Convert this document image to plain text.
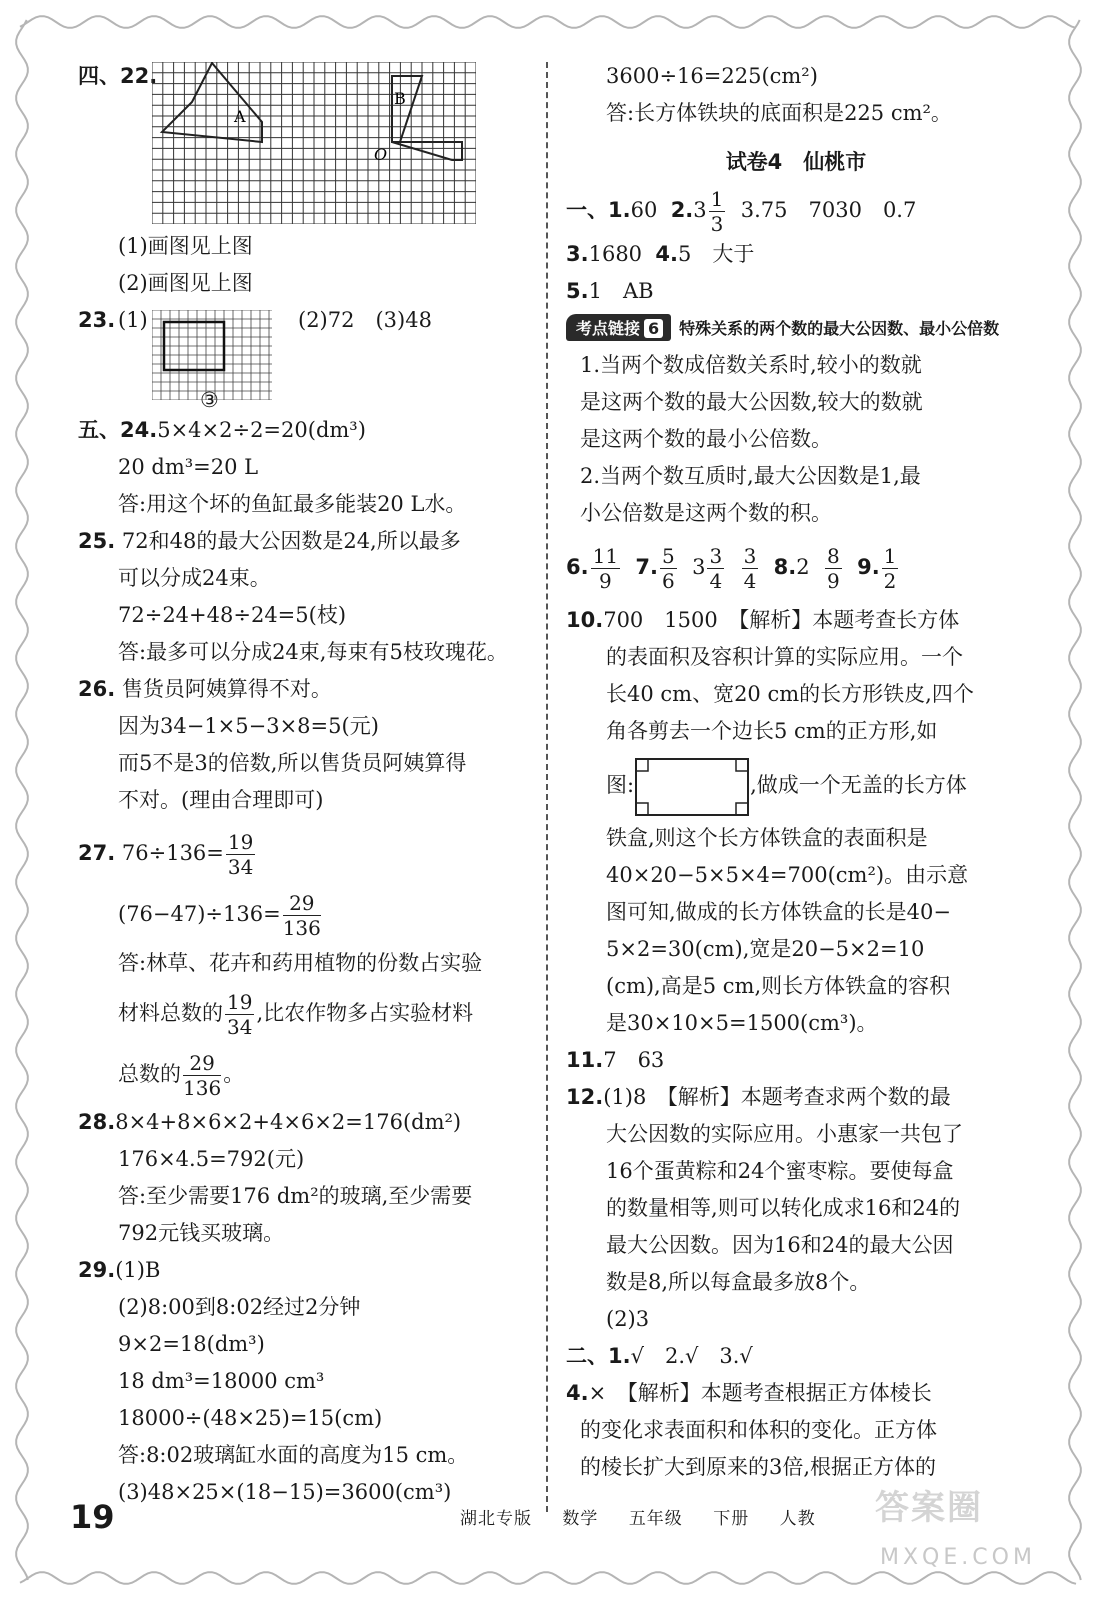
四、22.
A
B
O
(1)画图见上图
(2)画图见上图
23. (1)	(2)72　(3)48
③
五、24.5×4×2÷2=20(dm³)
20 dm³=20 L
答:用这个坏的鱼缸最多能装20 L水。
25. 72和48的最大公因数是24,所以最多
可以分成24束。
72÷24+48÷24=5(枝)
答:最多可以分成24束,每束有5枝玫瑰花。
26. 售货员阿姨算得不对。
因为34−1×5−3×8=5(元)
而5不是3的倍数,所以售货员阿姨算得
不对。(理由合理即可)
27. $76\div 136= \frac{19}{34}$
$(76-47)\div 136= \frac{29}{136}$
答:林草、花卉和药用植物的份数占实验
材料总数的 $\frac{19}{34}$ ,比农作物多占实验材料
总数的 $\frac{29}{136}$ 。
28.8×4+8×6×2+4×6×2=176(dm²)
176×4.5=792(元)
答:至少需要176 dm²的玻璃,至少需要
792元钱买玻璃。
29.(1)B
(2)8:00到8:02经过2分钟
9×2=18(dm³)
18 dm³=18000 cm³
18000÷(48×25)=15(cm)
答:8:02玻璃缸水面的高度为15 cm。
(3)48×25×(18−15)=3600(cm³)
3600÷16=225(cm²)
答:长方体铁块的底面积是225 cm²。
试卷4　仙桃市
一、1.60 $2.3 \frac{1}{3} 3.75$　7030　0.7
3.1680 4.5　大于
5.1　AB
考点链接 6	特殊关系的两个数的最大公因数、最小公倍数
1.当两个数成倍数关系时,较小的数就
是这两个数的最大公因数,较大的数就
是这两个数的最小公倍数。
2.当两个数互质时,最大公因数是1,最
小公倍数是这两个数的积。
6. $\frac{11}{9} 7$. $\frac{5}{6} 3 \frac{3}{4}$
$\frac{3}{4} 8.2 \frac{8}{9} 9$. $\frac{1}{2}$
10.700　1500　【解析】本题考查长方体
的表面积及容积计算的实际应用。一个
长40 cm、宽20 cm的长方形铁皮,四个
角各剪去一个边长5 cm的正方形,如
图:	,做成一个无盖的长方体
铁盒,则这个长方体铁盒的表面积是
40×20−5×5×4=700(cm²)。由示意
图可知,做成的长方体铁盒的长是40−
5×2=30(cm),宽是20−5×2=10
(cm),高是5 cm,则长方体铁盒的容积
是30×10×5=1500(cm³)。
11.7　63
12.(1)8　【解析】本题考查求两个数的最
大公因数的实际应用。小惠家一共包了
16个蛋黄粽和24个蜜枣粽。要使每盒
的数量相等,则可以转化成求16和24的
最大公因数。因为16和24的最大公因
数是8,所以每盒最多放8个。
(2)3
二、1.√　2.√　3.√
4.×　【解析】本题考查根据正方体棱长
的变化求表面积和体积的变化。正方体
的棱长扩大到原来的3倍,根据正方体的
19	湖北专版 数学 五年级 下册 人教	答案圈
MXQE.COM
